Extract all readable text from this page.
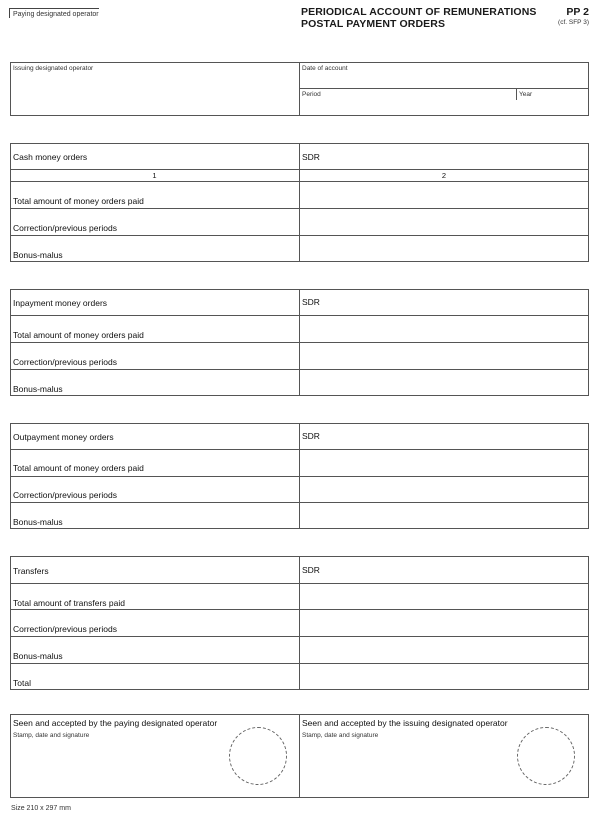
Paying designated operator	PERIODICAL ACCOUNT OF REMUNERATIONS
POSTAL PAYMENT ORDERS
PP 2
(cf. SFP 3)
Issuing designated operator	Date of account
Period	Year
Cash money orders	SDR
1	2
Total amount of money orders paid
Correction/previous periods
Bonus-malus
Inpayment money orders	SDR
Total amount of money orders paid
Correction/previous periods
Bonus-malus
Outpayment money orders	SDR
Total amount of money orders paid
Correction/previous periods
Bonus-malus
Transfers	SDR
Total amount of transfers paid
Correction/previous periods
Bonus-malus
Total
Seen and accepted by the paying designated operator
Stamp, date and signature
Seen and accepted by the issuing designated operator
Stamp, date and signature
Size 210 x 297 mm
